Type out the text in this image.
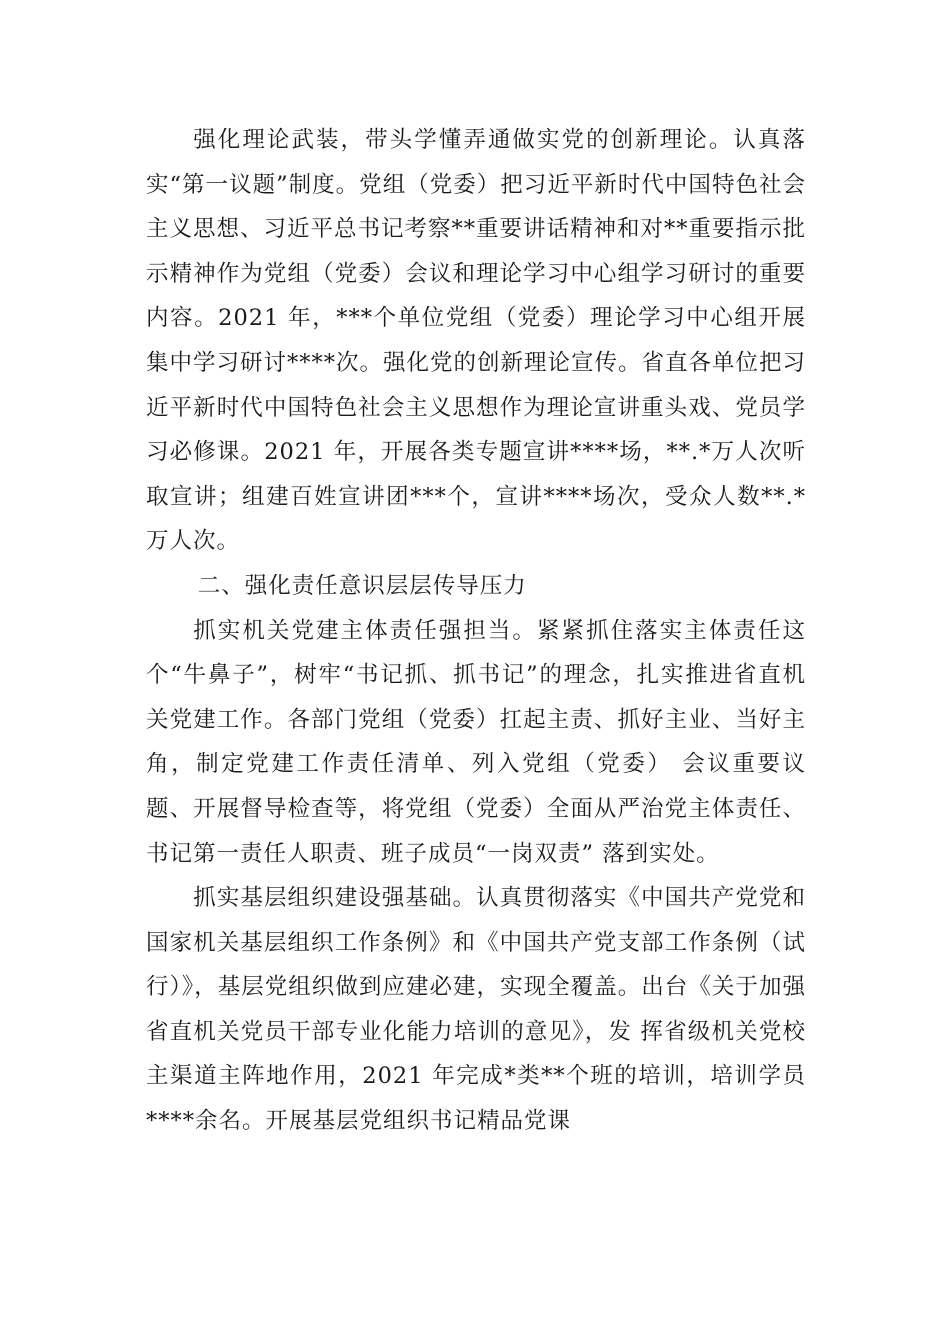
强化理论武装，带头学懂弄通做实党的创新理论。认真落实“第一议题”制度。党组（党委）把习近平新时代中国特色社会主义思想、习近平总书记考察**重要讲话精神和对**重要指示批示精神作为党组（党委）会议和理论学习中心组学习研讨的重要内容。2021 年，***个单位党组（党委）理论学习中心组开展集中学习研讨****次。强化党的创新理论宣传。省直各单位把习近平新时代中国特色社会主义思想作为理论宣讲重头戏、党员学习必修课。2021 年，开展各类专题宣讲****场，**.*万人次听取宣讲；组建百姓宣讲团***个，宣讲****场次，受众人数**.*万人次。

二、强化责任意识层层传导压力

抓实机关党建主体责任强担当。紧紧抓住落实主体责任这个“牛鼻子”，树牢“书记抓、抓书记”的理念，扎实推进省直机关党建工作。各部门党组（党委）扛起主责、抓好主业、当好主角，制定党建工作责任清单、列入党组（党委） 会议重要议题、开展督导检查等，将党组（党委）全面从严治党主体责任、书记第一责任人职责、班子成员“一岗双责” 落到实处。

抓实基层组织建设强基础。认真贯彻落实《中国共产党党和国家机关基层组织工作条例》和《中国共产党支部工作条例（试行）》，基层党组织做到应建必建，实现全覆盖。出台《关于加强省直机关党员干部专业化能力培训的意见》，发 挥省级机关党校主渠道主阵地作用，2021 年完成*类**个班的培训，培训学员****余名。开展基层党组织书记精品党课
